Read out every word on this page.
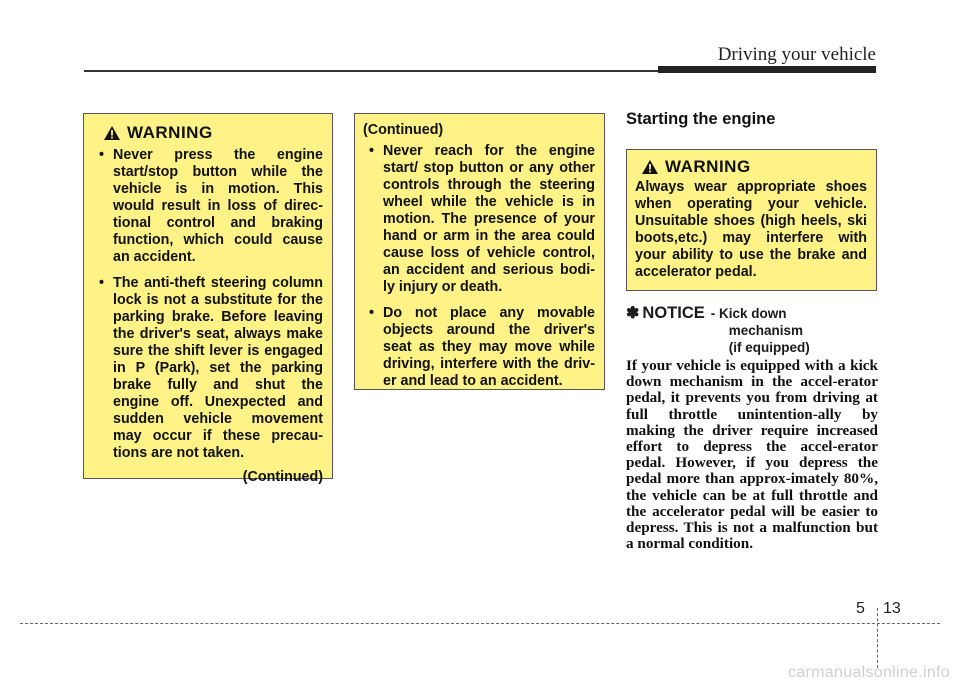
Driving your vehicle
WARNING
• Never press the engine start/stop button while the vehicle is in motion. This would result in loss of direc-tional control and braking function, which could cause an accident.
• The anti-theft steering column lock is not a substitute for the parking brake. Before leaving the driver's seat, always make sure the shift lever is engaged in P (Park), set the parking brake fully and shut the engine off. Unexpected and sudden vehicle movement may occur if these precau-tions are not taken.
(Continued)
(Continued)
• Never reach for the engine start/ stop button or any other controls through the steering wheel while the vehicle is in motion. The presence of your hand or arm in the area could cause loss of vehicle control, an accident and serious bodi-ly injury or death.
• Do not place any movable objects around the driver's seat as they may move while driving, interfere with the driv-er and lead to an accident.
Starting the engine
WARNING
Always wear appropriate shoes when operating your vehicle. Unsuitable shoes (high heels, ski boots,etc.) may interfere with your ability to use the brake and accelerator pedal.
✽ NOTICE - Kick down
mechanism
(if equipped)
If your vehicle is equipped with a kick down mechanism in the accel-erator pedal, it prevents you from driving at full throttle unintention-ally by making the driver require increased effort to depress the accel-erator pedal. However, if you depress the pedal more than approx-imately 80%, the vehicle can be at full throttle and the accelerator pedal will be easier to depress. This is not a malfunction but a normal condition.
5 13
carmanualsonline.info
